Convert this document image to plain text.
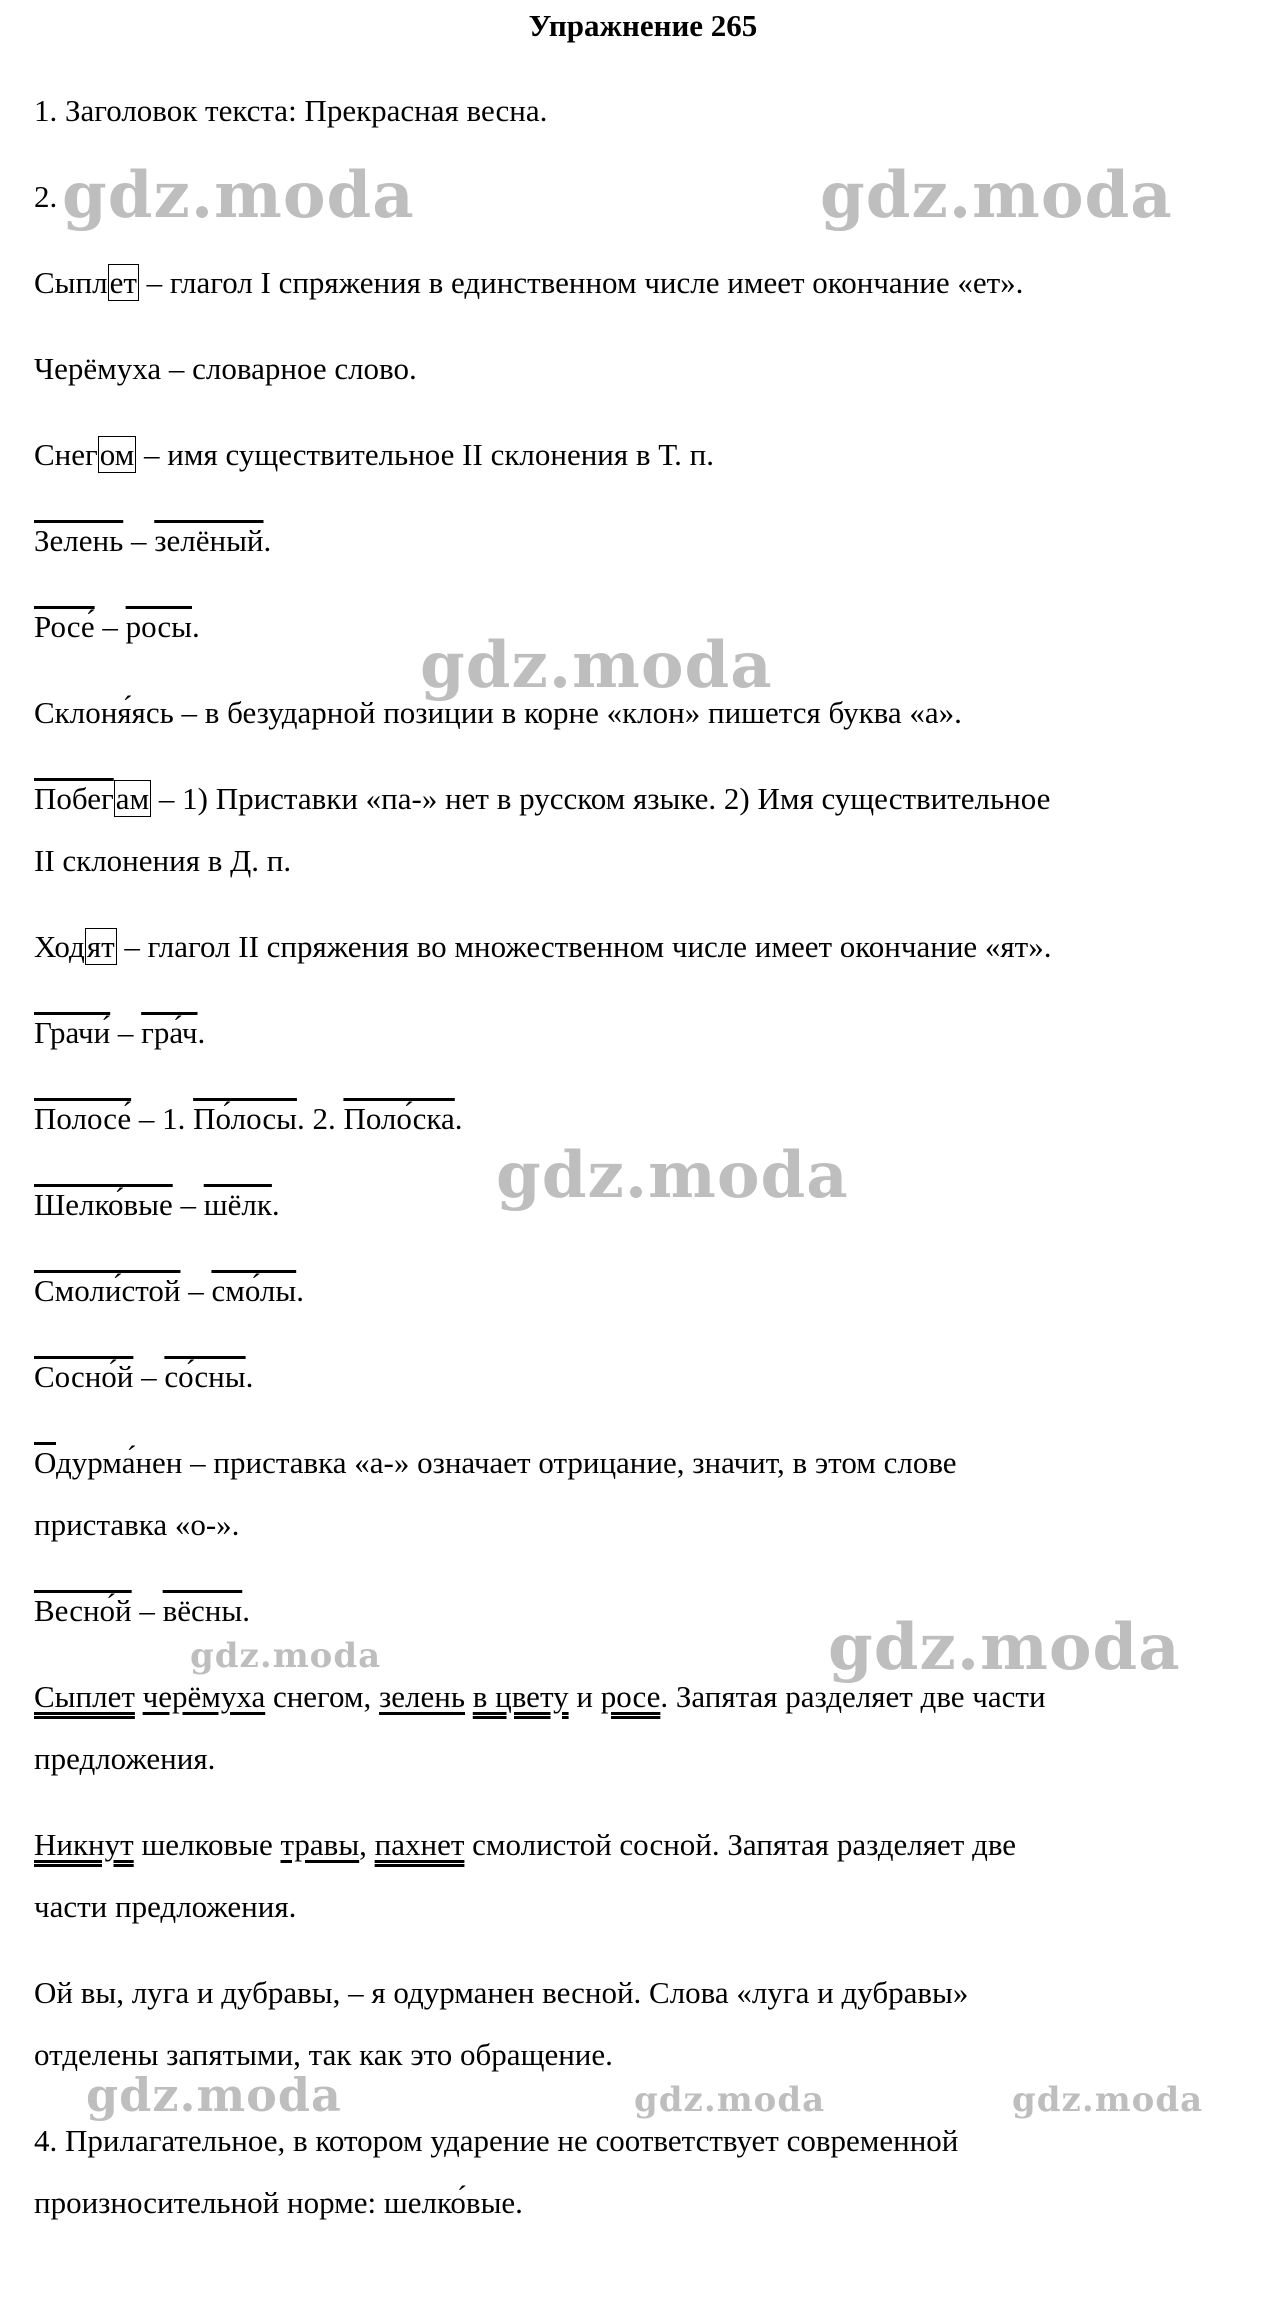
Упражнение 265
1. Заголовок текста: Прекрасная весна.
2.
Сыплет – глагол I спряжения в единственном числе имеет окончание «ет».
Черёмуха – словарное слово.
Снегом – имя существительное II склонения в Т. п.
Зелень – зелёный.
Росе́ – росы.
Склоня́ясь – в безударной позиции в корне «клон» пишется буква «а».
Побегам – 1) Приставки «па-» нет в русском языке. 2) Имя существительное
II склонения в Д. п.
Ходят – глагол II спряжения во множественном числе имеет окончание «ят».
Грачи́ – гра́ч.
Полосе́ – 1. По́лосы. 2. Поло́ска.
Шелко́вые – шёлк.
Смоли́стой – смо́лы.
Сосно́й – со́сны.
Одурма́нен – приставка «а-» означает отрицание, значит, в этом слове
приставка «о-».
Весно́й – вёсны.
Сыплет черёмуха снегом, зелень в цвету и росе. Запятая разделяет две части
предложения.
Никнут шелковые травы, пахнет смолистой сосной. Запятая разделяет две
части предложения.
Ой вы, луга и дубравы, – я одурманен весной. Слова «луга и дубравы»
отделены запятыми, так как это обращение.
4. Прилагательное, в котором ударение не соответствует современной
произносительной норме: шелко́вые.
gdz.moda	gdz.moda
gdz.moda
gdz.moda
gdz.moda
gdz.moda
gdz.moda	gdz.moda	gdz.moda
